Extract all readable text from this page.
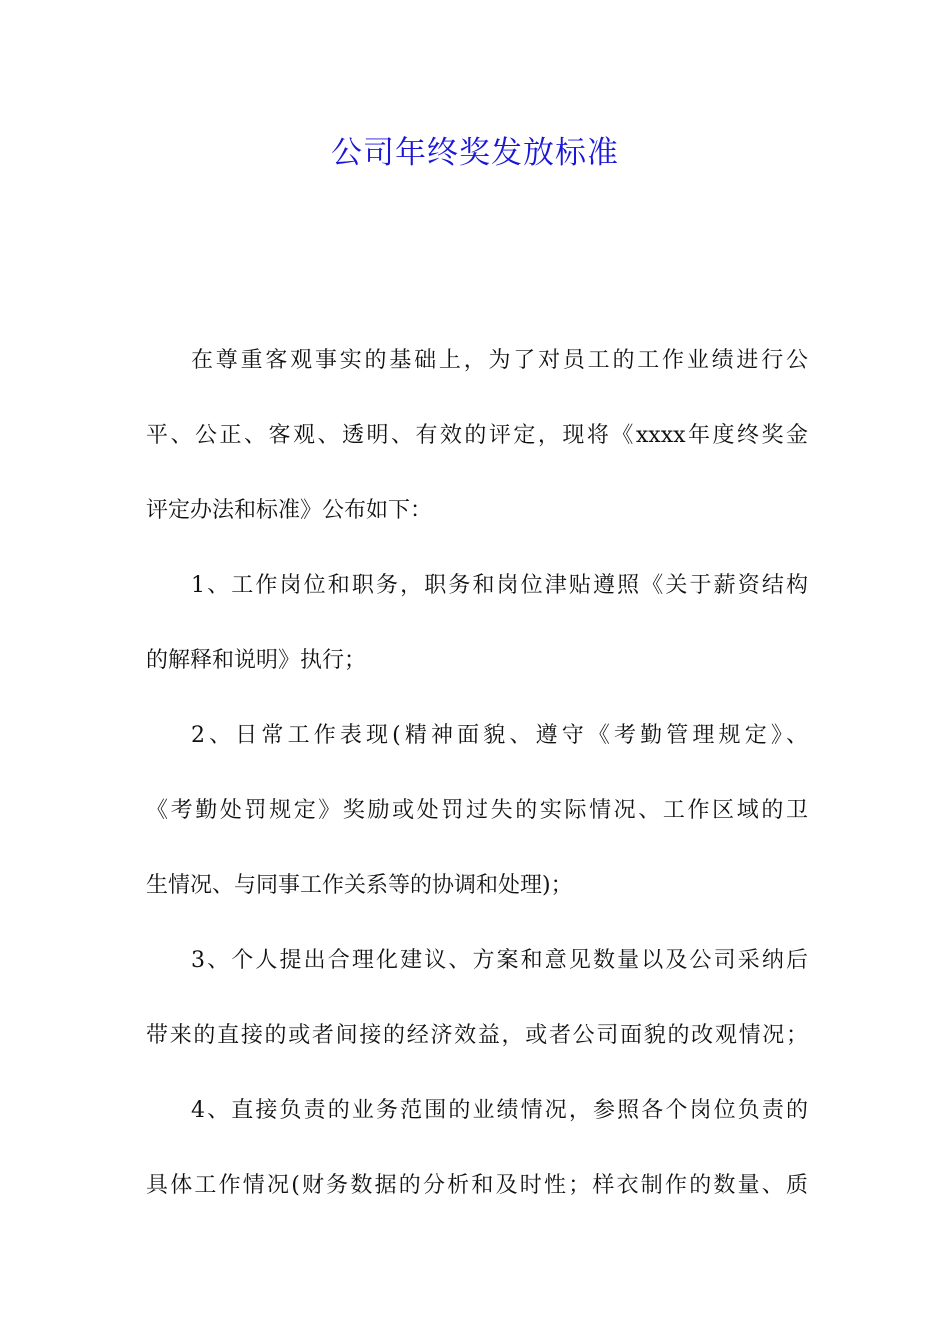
公司年终奖发放标准
在尊重客观事实的基础上，为了对员工的工作业绩进行公
平、公正、客观、透明、有效的评定，现将《xxxx年度终奖金
评定办法和标准》公布如下：
1、工作岗位和职务，职务和岗位津贴遵照《关于薪资结构
的解释和说明》执行；
2、日常工作表现(精神面貌、遵守《考勤管理规定》、
《考勤处罚规定》奖励或处罚过失的实际情况、工作区域的卫
生情况、与同事工作关系等的协调和处理)；
3、个人提出合理化建议、方案和意见数量以及公司采纳后
带来的直接的或者间接的经济效益，或者公司面貌的改观情况；
4、直接负责的业务范围的业绩情况，参照各个岗位负责的
具体工作情况(财务数据的分析和及时性；样衣制作的数量、质
